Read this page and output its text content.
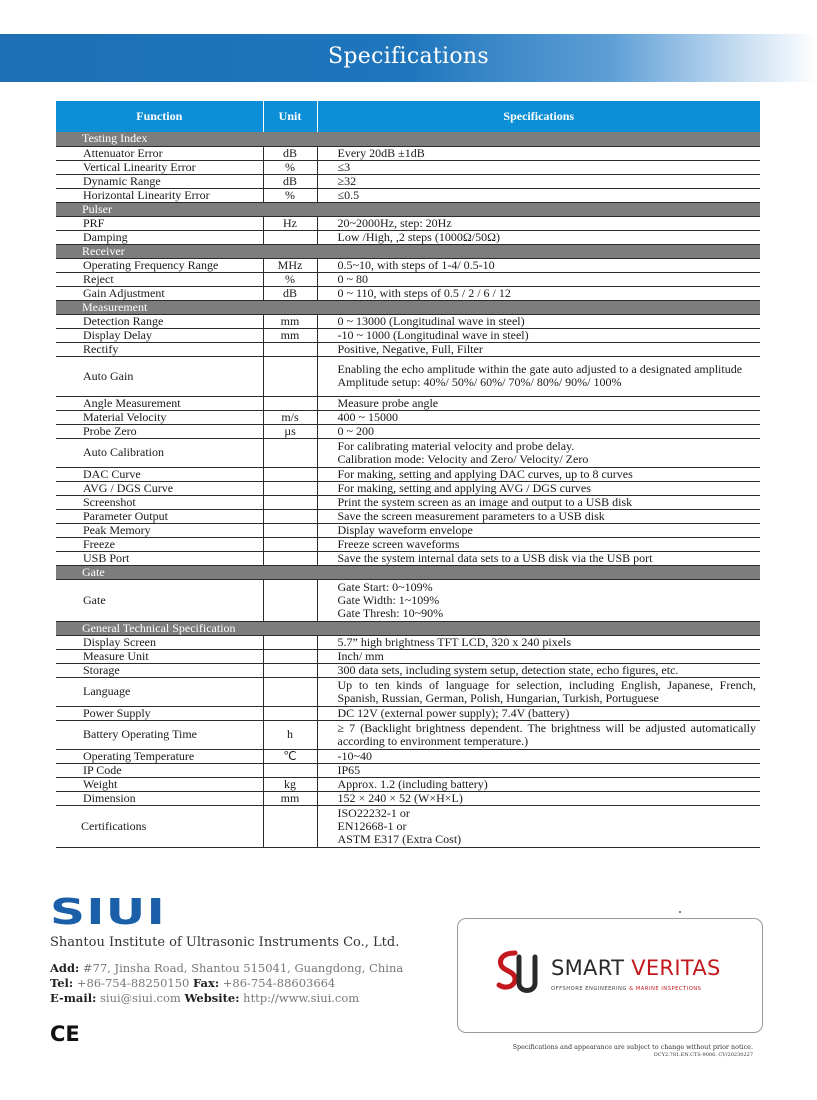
Specifications
Function	Unit	Specifications
Testing Index		
Attenuator Error	dB	Every 20dB ±1dB

Vertical Linearity Error	%	≤3

Dynamic Range	dB	≥32

Horizontal Linearity Error	%	≤0.5

Pulser		
PRF	Hz	20~2000Hz, step: 20Hz

Damping		Low /High, ,2 steps (1000Ω/50Ω)

Receiver		
Operating Frequency Range	MHz	0.5~10, with steps of 1-4/ 0.5-10

Reject	%	0 ~ 80

Gain Adjustment	dB	0 ~ 110, with steps of 0.5 / 2 / 6 / 12

Measurement		
Detection Range	mm	0 ~ 13000 (Longitudinal wave in steel)

Display Delay	mm	-10 ~ 1000 (Longitudinal wave in steel)

Rectify		Positive, Negative, Full, Filter

Auto Gain		Enabling the echo amplitude within the gate auto adjusted to a designated amplitude
Amplitude setup: 40%/ 50%/ 60%/ 70%/ 80%/ 90%/ 100%

Angle Measurement		Measure probe angle

Material Velocity	m/s	400 ~ 15000

Probe Zero	µs	0 ~ 200

Auto Calibration		For calibrating material velocity and probe delay.
Calibration mode: Velocity and Zero/ Velocity/ Zero

DAC Curve		For making, setting and applying DAC curves, up to 8 curves

AVG / DGS Curve		For making, setting and applying AVG / DGS curves

Screenshot		Print the system screen as an image and output to a USB disk

Parameter Output		Save the screen measurement parameters to a USB disk

Peak Memory		Display waveform envelope

Freeze		Freeze screen waveforms

USB Port		Save the system internal data sets to a USB disk via the USB port

Gate		
Gate		Gate Start: 0~109%
Gate Width: 1~109%
Gate Thresh: 10~90%

General Technical Specification		
Display Screen		5.7” high brightness TFT LCD, 320 x 240 pixels

Measure Unit		Inch/ mm

Storage		300 data sets, including system setup, detection state, echo figures, etc.

Language		Up to ten kinds of language for selection, including English, Japanese, French, Spanish, Russian, German, Polish, Hungarian, Turkish, Portuguese

Power Supply		DC 12V (external power supply); 7.4V (battery)

Battery Operating Time	h	≥ 7 (Backlight brightness dependent. The brightness will be adjusted automatically according to environment temperature.)

Operating Temperature	℃	-10~40

IP Code		IP65

Weight	kg	Approx. 1.2 (including battery)

Dimension	mm	152 × 240 × 52 (W×H×L)

Certifications		ISO22232-1 or
EN12668-1 or
ASTM E317 (Extra Cost)
SIUI
Shantou Institute of Ultrasonic Instruments Co., Ltd.
Add: #77, Jinsha Road, Shantou 515041, Guangdong, China
Tel: +86-754-88250150 Fax: +86-754-88603664
E-mail: siui@siui.com Website: http://www.siui.com
CE
SMART VERITAS
OFFSHORE ENGINEERING & MARINE INSPECTIONS
Specifications and appearance are subject to change without prior notice.
DCY2.781.EN.CTS-9006. CV/20230227
